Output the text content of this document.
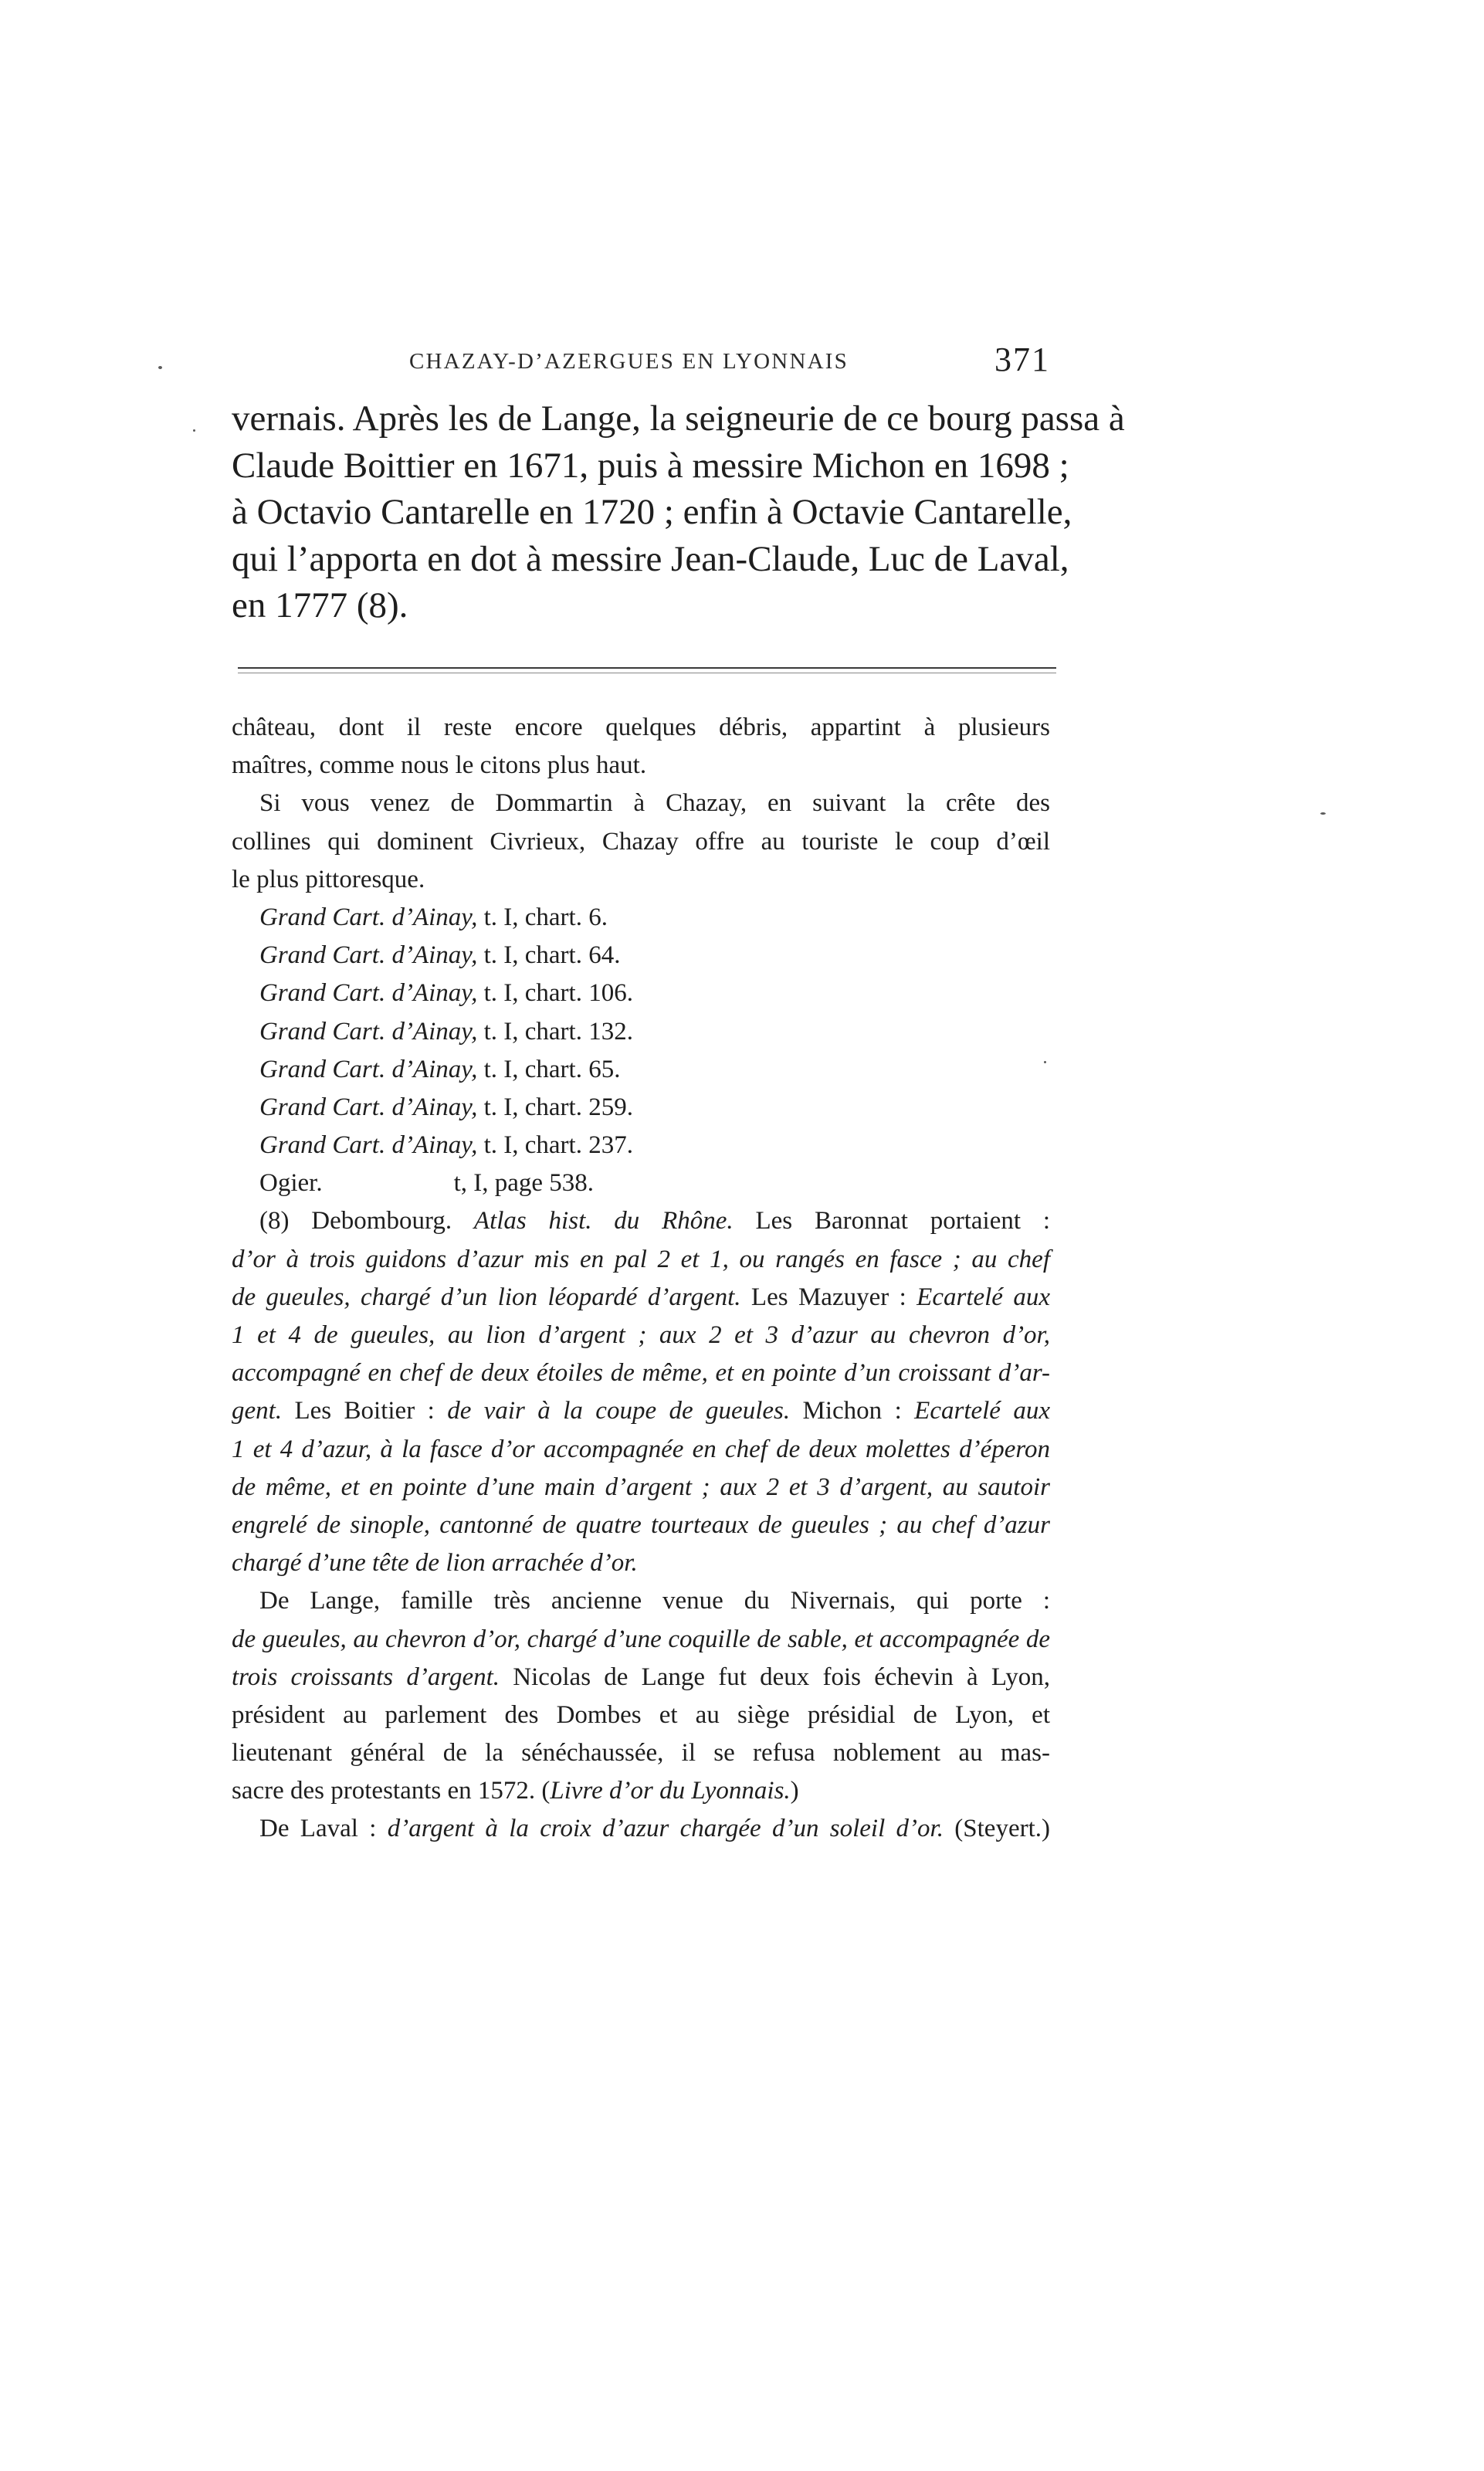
CHAZAY-D’AZERGUES EN LYONNAIS	371
vernais. Après les de Lange, la seigneurie de ce bourg passa à
Claude Boittier en 1671, puis à messire Michon en 1698 ;
à Octavio Cantarelle en 1720 ; enfin à Octavie Cantarelle,
qui l’apporta en dot à messire Jean-Claude, Luc de Laval,
en 1777 (8).
château, dont il reste encore quelques débris, appartint à plusieurs
maîtres, comme nous le citons plus haut.
Si vous venez de Dommartin à Chazay, en suivant la crête des
collines qui dominent Civrieux, Chazay offre au touriste le coup d’œil
le plus pittoresque.
Grand Cart. d’Ainay, t. I, chart. 6.
Grand Cart. d’Ainay, t. I, chart. 64.
Grand Cart. d’Ainay, t. I, chart. 106.
Grand Cart. d’Ainay, t. I, chart. 132.
Grand Cart. d’Ainay, t. I, chart. 65.
Grand Cart. d’Ainay, t. I, chart. 259.
Grand Cart. d’Ainay, t. I, chart. 237.
Ogier.	t, I, page 538.
(8) Debombourg. Atlas hist. du Rhône. Les Baronnat portaient :
d’or à trois guidons d’azur mis en pal 2 et 1, ou rangés en fasce ; au chef
de gueules, chargé d’un lion léopardé d’argent. Les Mazuyer : Ecartelé aux
1 et 4 de gueules, au lion d’argent ; aux 2 et 3 d’azur au chevron d’or,
accompagné en chef de deux étoiles de même, et en pointe d’un croissant d’ar-
gent. Les Boitier : de vair à la coupe de gueules. Michon : Ecartelé aux
1 et 4 d’azur, à la fasce d’or accompagnée en chef de deux molettes d’éperon
de même, et en pointe d’une main d’argent ; aux 2 et 3 d’argent, au sautoir
engrelé de sinople, cantonné de quatre tourteaux de gueules ; au chef d’azur
chargé d’une tête de lion arrachée d’or.
De Lange, famille très ancienne venue du Nivernais, qui porte :
de gueules, au chevron d’or, chargé d’une coquille de sable, et accompagnée de
trois croissants d’argent. Nicolas de Lange fut deux fois échevin à Lyon,
président au parlement des Dombes et au siège présidial de Lyon, et
lieutenant général de la sénéchaussée, il se refusa noblement au mas-
sacre des protestants en 1572. (Livre d’or du Lyonnais.)
De Laval : d’argent à la croix d’azur chargée d’un soleil d’or. (Steyert.)
